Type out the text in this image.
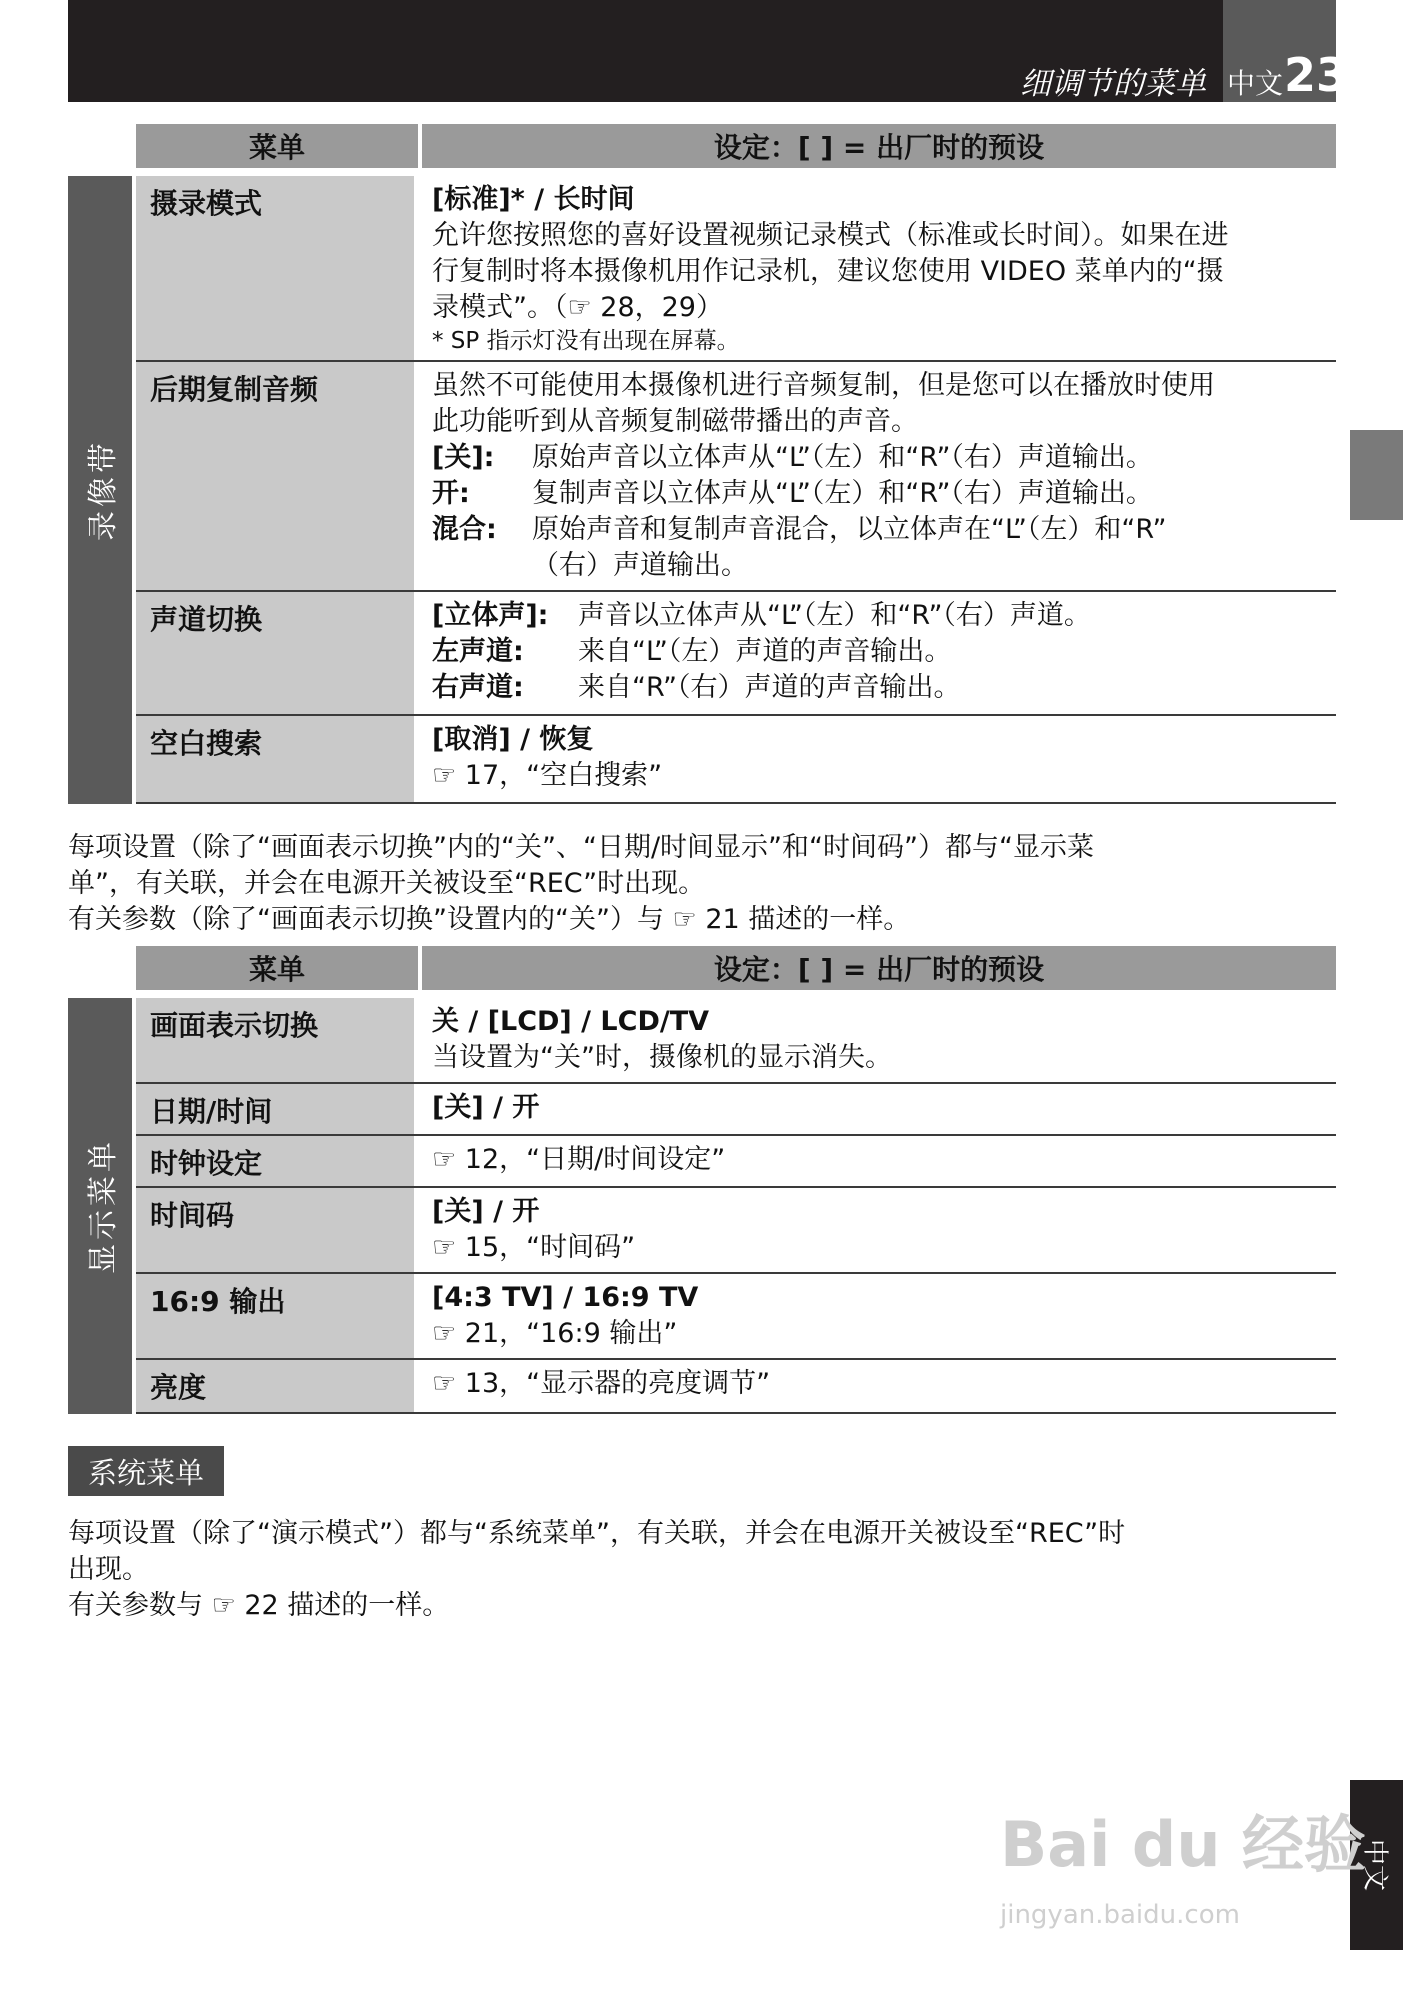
细调节的菜单 中文 23
菜单	设定：[ ] = 出厂时的预设
录像带
摄录模式	[标准]* / 长时间
允许您按照您的喜好设置视频记录模式（标准或长时间）。如果在进
行复制时将本摄像机用作记录机，建议您使用 VIDEO 菜单内的“摄
录模式”。（☞ 28，29）
* SP 指示灯没有出现在屏幕。
后期复制音频	虽然不可能使用本摄像机进行音频复制，但是您可以在播放时使用
此功能听到从音频复制磁带播出的声音。
[关]:	原始声音以立体声从“L”（左）和“R”（右）声道输出。
开:	复制声音以立体声从“L”（左）和“R”（右）声道输出。
混合:	原始声音和复制声音混合，以立体声在“L”（左）和“R”
（右）声道输出。
声道切换	[立体声]:	声音以立体声从“L”（左）和“R”（右）声道。
左声道:	来自“L”（左）声道的声音输出。
右声道:	来自“R”（右）声道的声音输出。
空白搜索	[取消] / 恢复
☞ 17，“空白搜索”
每项设置（除了“画面表示切换”内的“关”、“日期/时间显示”和“时间码”）都与“显示菜
单”，有关联，并会在电源开关被设至“REC”时出现。
有关参数（除了“画面表示切换”设置内的“关”）与 ☞ 21 描述的一样。
菜单	设定：[ ] = 出厂时的预设
显示菜单
画面表示切换	关 / [LCD] / LCD/TV
当设置为“关”时，摄像机的显示消失。
日期/时间	[关] / 开
时钟设定	☞ 12，“日期/时间设定”
时间码	[关] / 开
☞ 15，“时间码”
16:9 输出	[4:3 TV] / 16:9 TV
☞ 21，“16:9 输出”
亮度	☞ 13，“显示器的亮度调节”
系统菜单
每项设置（除了“演示模式”）都与“系统菜单”，有关联，并会在电源开关被设至“REC”时
出现。
有关参数与 ☞ 22 描述的一样。
中文
Bai du 经验
jingyan.baidu.com
